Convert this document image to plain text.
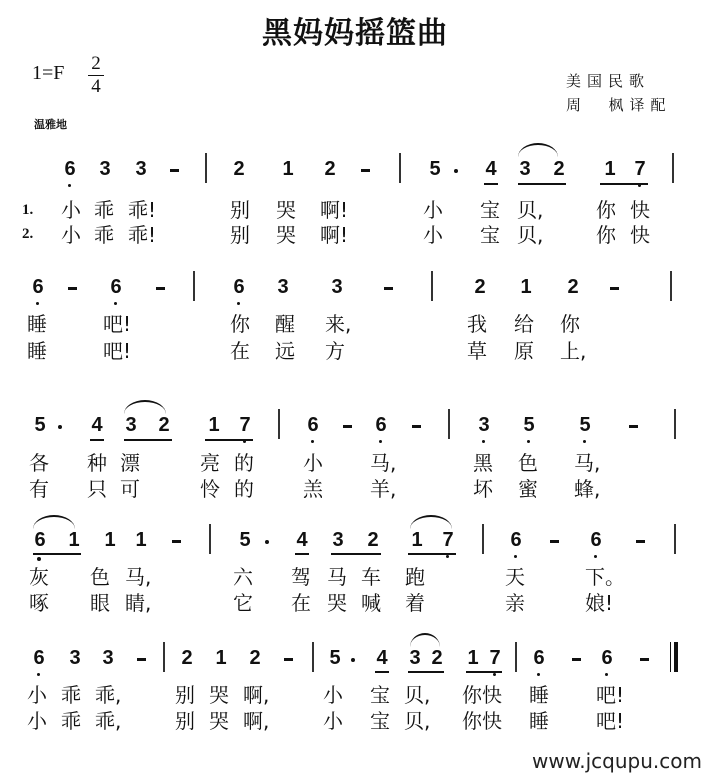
黑妈妈摇篮曲
1=F 2
4
温雅地
美国民歌
周  枫译配
6 3 3	2 1 2	5 4 3 2 1 7
1.
2.
小 乖 乖!	别 哭 啊!	小 宝 贝,	你 快
小 乖 乖!	别 哭 啊!	小 宝 贝,	你 快
6	6	6 3 3	2 1 2
睡	吧!	你 醒 来,	我 给 你
睡	吧!	在 远 方	草 原 上,
5 4 3 2 1 7	6	6	3 5 5
各 种 漂	亮 的 小 马,	黑 色 马,
有 只 可	怜 的 羔 羊,	坏 蜜 蜂,
6 1 1 1	5 4 3 2 1 7	6	6
灰 色 马,	六 驾 马 车 跑	天	下。
啄 眼 睛,	它 在 哭 喊 着	亲	娘!
6 3 3	2 1 2	5 4 3 2 1 7 6	6
小 乖 乖,	别 哭 啊,	小 宝 贝, 你快 睡 吧!
小 乖 乖,	别 哭 啊,	小 宝 贝, 你快 睡 吧!
www.jcqupu.com
